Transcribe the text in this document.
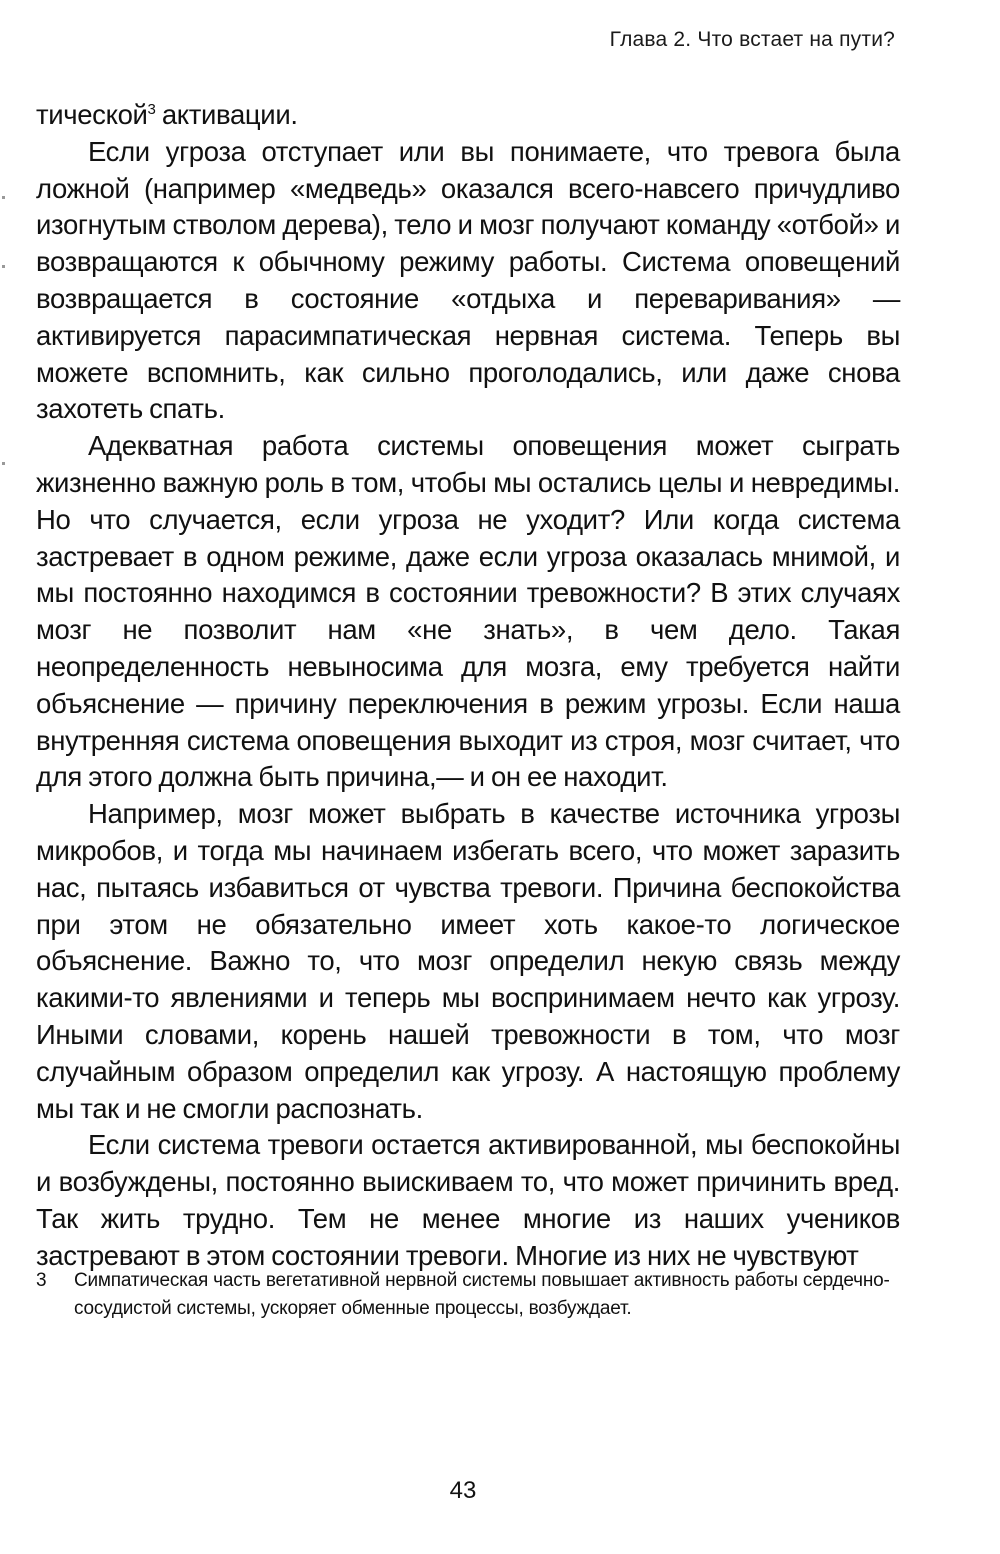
Глава 2. Что встает на пути?

тической$^3$ активации.

Если угроза отступает или вы понимаете, что тревога была ложной (например «медведь» оказался всего-навсего причудливо изогнутым стволом дерева), тело и мозг получают команду «отбой» и возвращаются к обычному режиму работы. Система оповещений возвращается в состояние «отдыха и переваривания» — активируется парасимпатическая нервная система. Теперь вы можете вспомнить, как сильно проголодались, или даже снова захотеть спать.

Адекватная работа системы оповещения может сыграть жизненно важную роль в том, чтобы мы остались целы и невредимы. Но что случается, если угроза не уходит? Или когда система застревает в одном режиме, даже если угроза оказалась мнимой, и мы постоянно находимся в состоянии тревожности? В этих случаях мозг не позволит нам «не знать», в чем дело. Такая неопределенность невыносима для мозга, ему требуется найти объяснение — причину переключения в режим угрозы. Если наша внутренняя система оповещения выходит из строя, мозг считает, что для этого должна быть причина,— и он ее находит.

Например, мозг может выбрать в качестве источника угрозы микробов, и тогда мы начинаем избегать всего, что может заразить нас, пытаясь избавиться от чувства тревоги. Причина беспокойства при этом не обязательно имеет хоть какое-то логическое объяснение. Важно то, что мозг определил некую связь между какими-то явлениями и теперь мы воспринимаем нечто как угрозу. Иными словами, корень нашей тревожности в том, что мозг случайным образом определил как угрозу. А настоящую проблему мы так и не смогли распознать.

Если система тревоги остается активированной, мы беспокойны и возбуждены, постоянно выискиваем то, что может причинить вред. Так жить трудно. Тем не менее многие из наших учеников застревают в этом состоянии тревоги. Многие из них не чувствуют

3	Симпатическая часть вегетативной нервной системы повышает активность работы сердечно-сосудистой системы, ускоряет обменные процессы, возбуждает.
43
